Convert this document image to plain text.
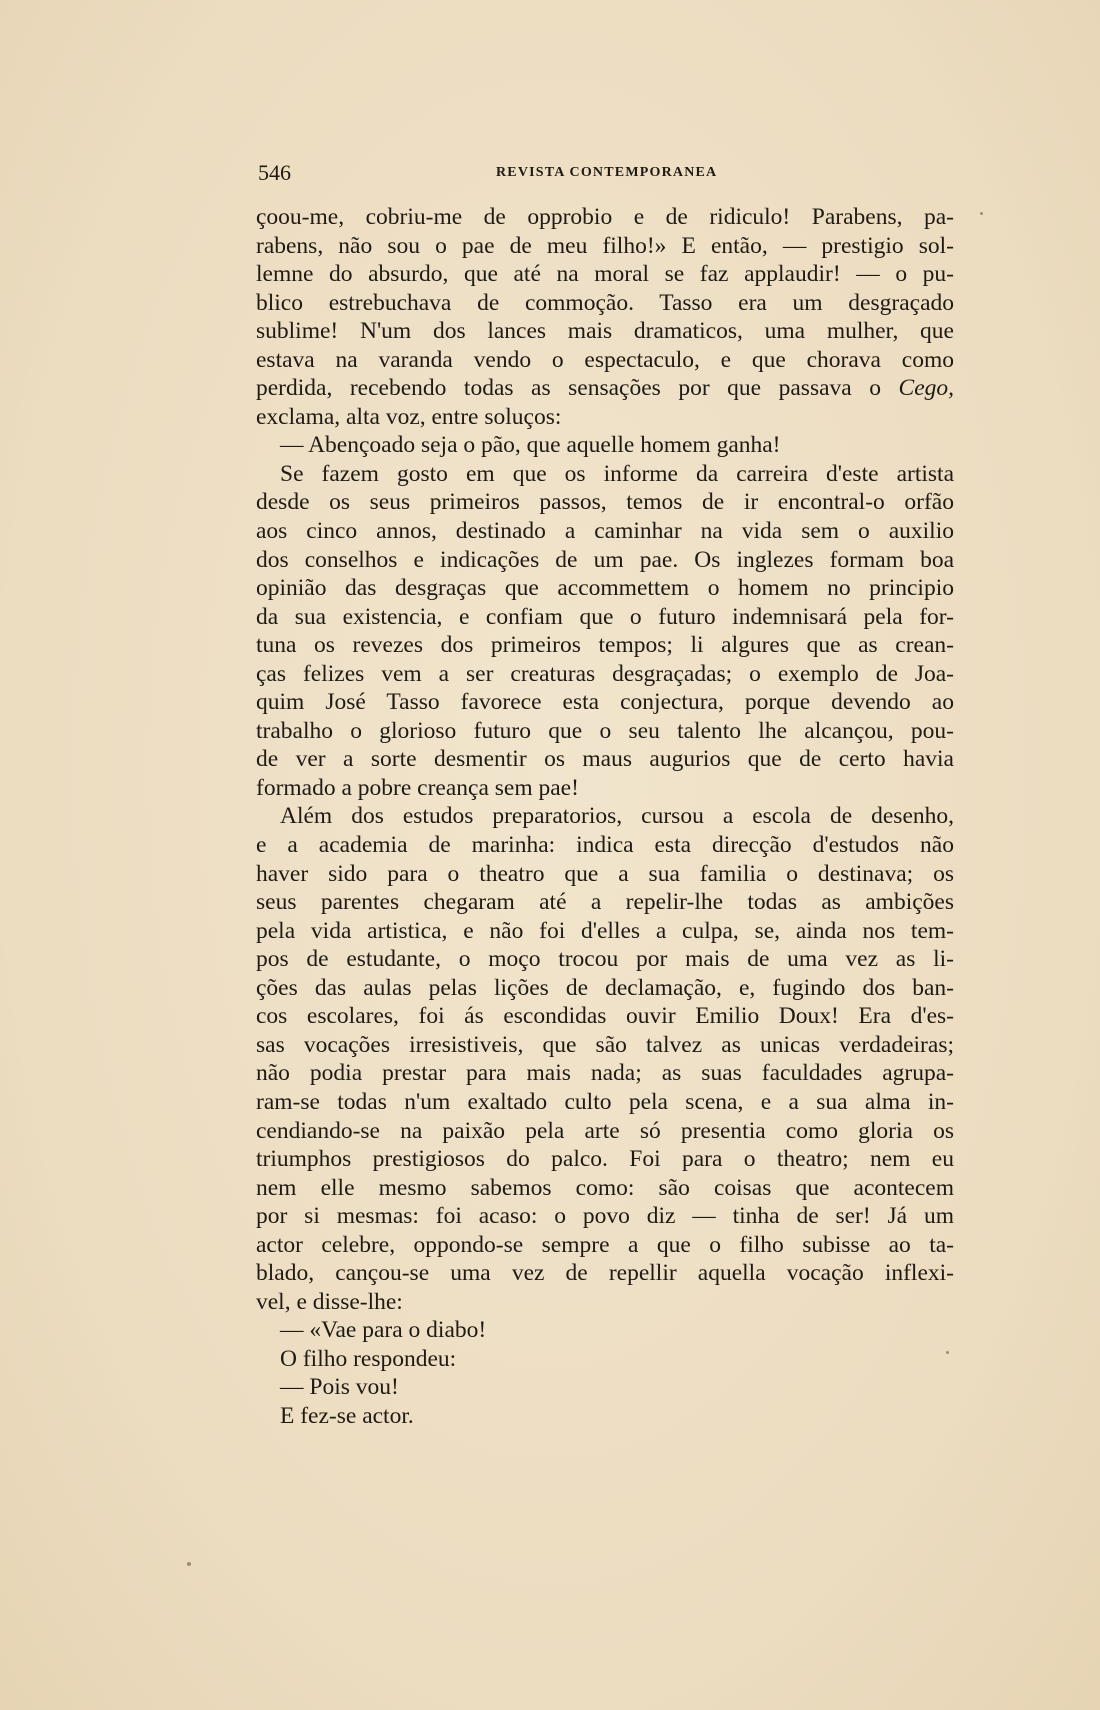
546	REVISTA CONTEMPORANEA
çoou-me, cobriu-me de opprobio e de ridiculo! Parabens, pa-
rabens, não sou o pae de meu filho!» E então, — prestigio sol-
lemne do absurdo, que até na moral se faz applaudir! — o pu-
blico estrebuchava de commoção. Tasso era um desgraçado
sublime! N'um dos lances mais dramaticos, uma mulher, que
estava na varanda vendo o espectaculo, e que chorava como
perdida, recebendo todas as sensações por que passava o Cego,
exclama, alta voz, entre soluços:
— Abençoado seja o pão, que aquelle homem ganha!
Se fazem gosto em que os informe da carreira d'este artista
desde os seus primeiros passos, temos de ir encontral-o orfão
aos cinco annos, destinado a caminhar na vida sem o auxilio
dos conselhos e indicações de um pae. Os inglezes formam boa
opinião das desgraças que accommettem o homem no principio
da sua existencia, e confiam que o futuro indemnisará pela for-
tuna os revezes dos primeiros tempos; li algures que as crean-
ças felizes vem a ser creaturas desgraçadas; o exemplo de Joa-
quim José Tasso favorece esta conjectura, porque devendo ao
trabalho o glorioso futuro que o seu talento lhe alcançou, pou-
de ver a sorte desmentir os maus augurios que de certo havia
formado a pobre creança sem pae!
Além dos estudos preparatorios, cursou a escola de desenho,
e a academia de marinha: indica esta direcção d'estudos não
haver sido para o theatro que a sua familia o destinava; os
seus parentes chegaram até a repelir-lhe todas as ambições
pela vida artistica, e não foi d'elles a culpa, se, ainda nos tem-
pos de estudante, o moço trocou por mais de uma vez as li-
ções das aulas pelas lições de declamação, e, fugindo dos ban-
cos escolares, foi ás escondidas ouvir Emilio Doux! Era d'es-
sas vocações irresistiveis, que são talvez as unicas verdadeiras;
não podia prestar para mais nada; as suas faculdades agrupa-
ram-se todas n'um exaltado culto pela scena, e a sua alma in-
cendiando-se na paixão pela arte só presentia como gloria os
triumphos prestigiosos do palco. Foi para o theatro; nem eu
nem elle mesmo sabemos como: são coisas que acontecem
por si mesmas: foi acaso: o povo diz — tinha de ser! Já um
actor celebre, oppondo-se sempre a que o filho subisse ao ta-
blado, cançou-se uma vez de repellir aquella vocação inflexi-
vel, e disse-lhe:
— «Vae para o diabo!
O filho respondeu:
— Pois vou!
E fez-se actor.
